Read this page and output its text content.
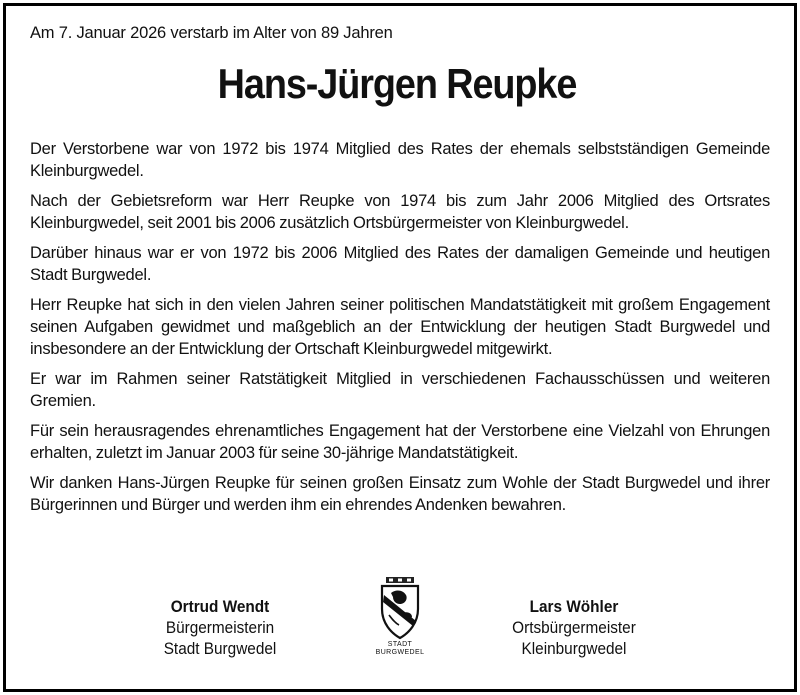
Am 7. Januar 2026 verstarb im Alter von 89 Jahren
Hans-Jürgen Reupke

Der Verstorbene war von 1972 bis 1974 Mitglied des Rates der ehemals selbstständigen Gemeinde Kleinburgwedel.

Nach der Gebietsreform war Herr Reupke von 1974 bis zum Jahr 2006 Mitglied des Ortsrates Kleinburgwedel, seit 2001 bis 2006 zusätzlich Ortsbürgermeister von Kleinburgwedel.

Darüber hinaus war er von 1972 bis 2006 Mitglied des Rates der damaligen Gemeinde und heutigen Stadt Burgwedel.

Herr Reupke hat sich in den vielen Jahren seiner politischen Mandatstätigkeit mit großem Engagement seinen Aufgaben gewidmet und maßgeblich an der Entwicklung der heutigen Stadt Burgwedel und insbesondere an der Entwicklung der Ortschaft Kleinburgwedel mitgewirkt.

Er war im Rahmen seiner Ratstätigkeit Mitglied in verschiedenen Fachausschüssen und weiteren Gremien.

Für sein herausragendes ehrenamtliches Engagement hat der Verstorbene eine Vielzahl von Ehrungen erhalten, zuletzt im Januar 2003 für seine 30-jährige Mandatstätigkeit.

Wir danken Hans-Jürgen Reupke für seinen großen Einsatz zum Wohle der Stadt Burgwedel und ihrer Bürgerinnen und Bürger und werden ihm ein ehrendes Andenken bewahren.

Ortrud Wendt
Bürgermeisterin
Stadt Burgwedel	STADT
BURGWEDEL
Lars Wöhler
Ortsbürgermeister
Kleinburgwedel
